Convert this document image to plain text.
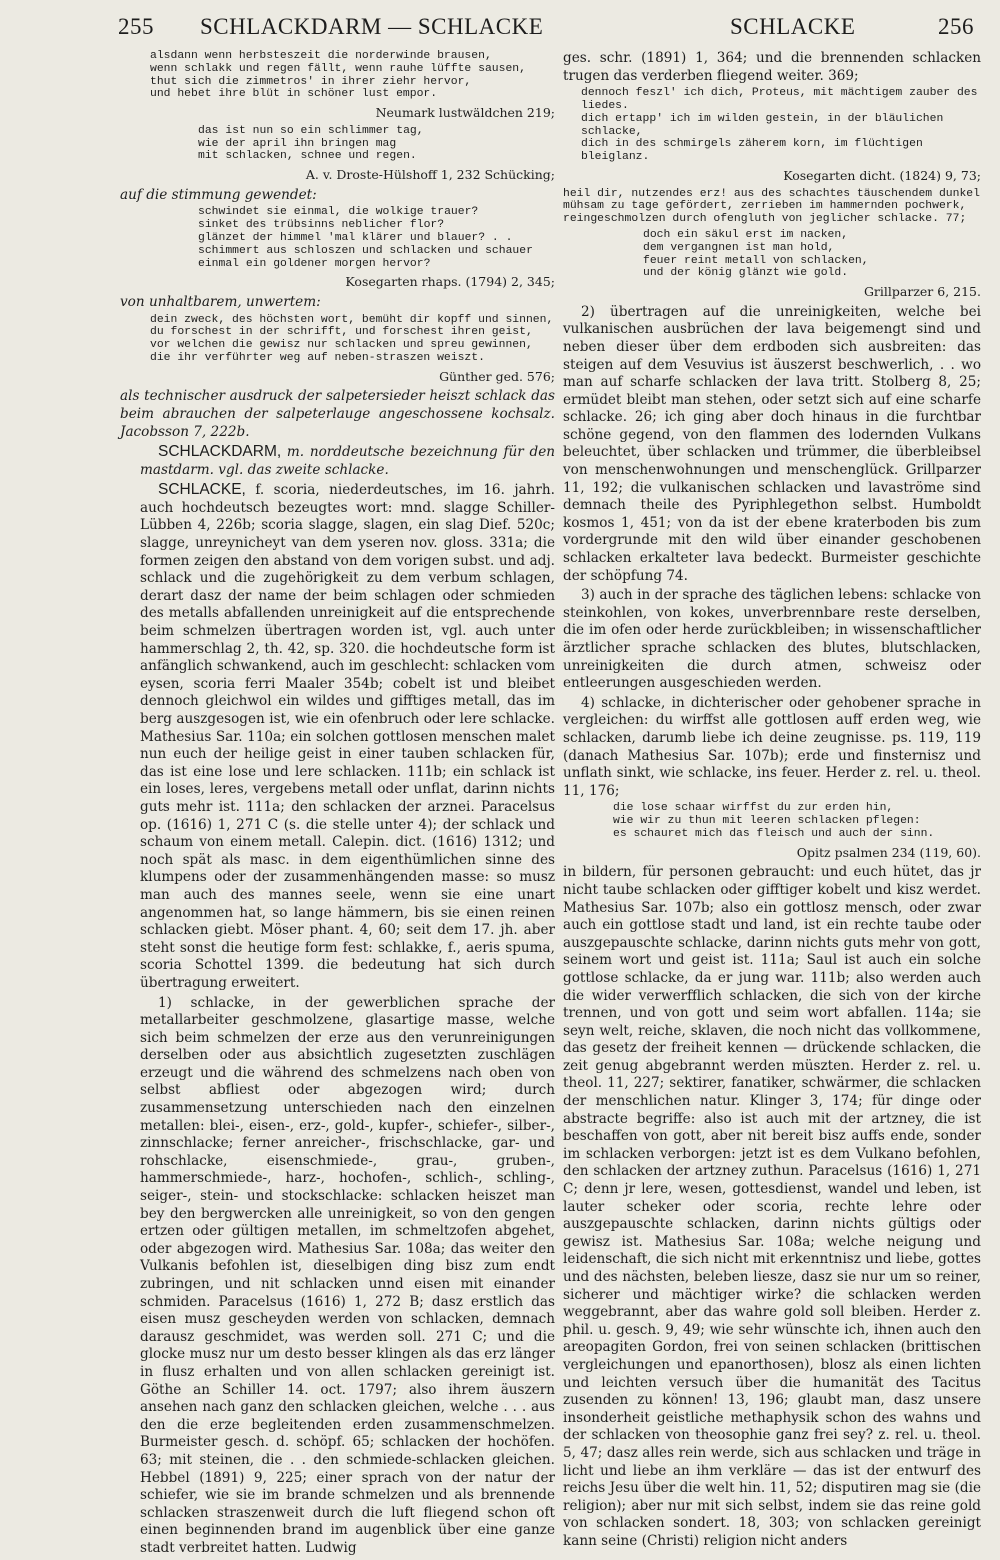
255 SCHLACKDARM — SCHLACKE	SCHLACKE	256
alsdann wenn herbsteszeit die norderwinde brausen,
wenn schlakk und regen fällt, wenn rauhe lüffte sausen,
thut sich die zimmetros' in ihrer ziehr hervor,
und hebet ihre blüt in schöner lust empor.
Neumark lustwäldchen 219;
das ist nun so ein schlimmer tag,
wie der april ihn bringen mag
mit schlacken, schnee und regen.
A. v. Droste-Hülshoff 1, 232 Schücking;

auf die stimmung gewendet:

schwindet sie einmal, die wolkige trauer?
sinket des trübsinns neblicher flor?
glänzet der himmel 'mal klärer und blauer? . .
schimmert aus schloszen und schlacken und schauer
einmal ein goldener morgen hervor?
Kosegarten rhaps. (1794) 2, 345;

von unhaltbarem, unwertem:

dein zweck, des höchsten wort, bemüht dir kopff und sinnen,
du forschest in der schrifft, und forschest ihren geist,
vor welchen die gewisz nur schlacken und spreu gewinnen,
die ihr verführter weg auf neben-straszen weiszt.
Günther ged. 576;

als technischer ausdruck der salpetersieder heiszt schlack das beim abrauchen der salpeterlauge angeschossene kochsalz. Jacobsson 7, 222b.

SCHLACKDARM, m. norddeutsche bezeichnung für den mastdarm. vgl. das zweite schlacke.

SCHLACKE, f. scoria, niederdeutsches, im 16. jahrh. auch hochdeutsch bezeugtes wort: mnd. slagge Schiller-Lübben 4, 226b; scoria slagge, slagen, ein slag Dief. 520c; slagge, unreynicheyt van dem yseren nov. gloss. 331a; die formen zeigen den abstand von dem vorigen subst. und adj. schlack und die zugehörigkeit zu dem verbum schlagen, derart dasz der name der beim schlagen oder schmieden des metalls abfallenden unreinigkeit auf die entsprechende beim schmelzen übertragen worden ist, vgl. auch unter hammerschlag 2, th. 42, sp. 320. die hochdeutsche form ist anfänglich schwankend, auch im geschlecht: schlacken vom eysen, scoria ferri Maaler 354b; cobelt ist und bleibet dennoch gleichwol ein wildes und gifftiges metall, das im berg auszgesogen ist, wie ein ofenbruch oder lere schlacke. Mathesius Sar. 110a; ein solchen gottlosen menschen malet nun euch der heilige geist in einer tauben schlacken für, das ist eine lose und lere schlacken. 111b; ein schlack ist ein loses, leres, vergebens metall oder unflat, darinn nichts guts mehr ist. 111a; den schlacken der arznei. Paracelsus op. (1616) 1, 271 C (s. die stelle unter 4); der schlack und schaum von einem metall. Calepin. dict. (1616) 1312; und noch spät als masc. in dem eigenthümlichen sinne des klumpens oder der zusammenhängenden masse: so musz man auch des mannes seele, wenn sie eine unart angenommen hat, so lange hämmern, bis sie einen reinen schlacken giebt. Möser phant. 4, 60; seit dem 17. jh. aber steht sonst die heutige form fest: schlakke, f., aeris spuma, scoria Schottel 1399. die bedeutung hat sich durch übertragung erweitert.

1) schlacke, in der gewerblichen sprache der metallarbeiter geschmolzene, glasartige masse, welche sich beim schmelzen der erze aus den verunreinigungen derselben oder aus absichtlich zugesetzten zuschlägen erzeugt und die während des schmelzens nach oben von selbst abfliest oder abgezogen wird; durch zusammensetzung unterschieden nach den einzelnen metallen: blei-, eisen-, erz-, gold-, kupfer-, schiefer-, silber-, zinnschlacke; ferner anreicher-, frischschlacke, gar- und rohschlacke, eisenschmiede-, grau-, gruben-, hammerschmiede-, harz-, hochofen-, schlich-, schling-, seiger-, stein- und stockschlacke: schlacken heiszet man bey den bergwercken alle unreinigkeit, so von den gengen ertzen oder gültigen metallen, im schmeltzofen abgehet, oder abgezogen wird. Mathesius Sar. 108a; das weiter den Vulkanis befohlen ist, dieselbigen ding bisz zum endt zubringen, und nit schlacken unnd eisen mit einander schmiden. Paracelsus (1616) 1, 272 B; dasz erstlich das eisen musz gescheyden werden von schlacken, demnach darausz geschmidet, was werden soll. 271 C; und die glocke musz nur um desto besser klingen als das erz länger in flusz erhalten und von allen schlacken gereinigt ist. Göthe an Schiller 14. oct. 1797; also ihrem äuszern ansehen nach ganz den schlacken gleichen, welche . . . aus den die erze begleitenden erden zusammenschmelzen. Burmeister gesch. d. schöpf. 65; schlacken der hochöfen. 63; mit steinen, die . . den schmiede-schlacken gleichen. Hebbel (1891) 9, 225; einer sprach von der natur der schiefer, wie sie im brande schmelzen und als brennende schlacken straszenweit durch die luft fliegend schon oft einen beginnenden brand im augenblick über eine ganze stadt verbreitet hatten. Ludwig

ges. schr. (1891) 1, 364; und die brennenden schlacken trugen das verderben fliegend weiter. 369;

dennoch feszl' ich dich, Proteus, mit mächtigem zauber des liedes.
dich ertapp' ich im wilden gestein, in der bläulichen schlacke,
dich in des schmirgels zäherem korn, im flüchtigen bleiglanz.
Kosegarten dicht. (1824) 9, 73;
heil dir, nutzendes erz! aus des schachtes täuschendem dunkel
mühsam zu tage gefördert, zerrieben im hammernden pochwerk,
reingeschmolzen durch ofengluth von jeglicher schlacke. 77;
doch ein säkul erst im nacken,
dem vergangnen ist man hold,
feuer reint metall von schlacken,
und der könig glänzt wie gold.
Grillparzer 6, 215.

2) übertragen auf die unreinigkeiten, welche bei vulkanischen ausbrüchen der lava beigemengt sind und neben dieser über dem erdboden sich ausbreiten: das steigen auf dem Vesuvius ist äuszerst beschwerlich, . . wo man auf scharfe schlacken der lava tritt. Stolberg 8, 25; ermüdet bleibt man stehen, oder setzt sich auf eine scharfe schlacke. 26; ich ging aber doch hinaus in die furchtbar schöne gegend, von den flammen des lodernden Vulkans beleuchtet, über schlacken und trümmer, die überbleibsel von menschenwohnungen und menschenglück. Grillparzer 11, 192; die vulkanischen schlacken und lavaströme sind demnach theile des Pyriphlegethon selbst. Humboldt kosmos 1, 451; von da ist der ebene kraterboden bis zum vordergrunde mit den wild über einander geschobenen schlacken erkalteter lava bedeckt. Burmeister geschichte der schöpfung 74.

3) auch in der sprache des täglichen lebens: schlacke von steinkohlen, von kokes, unverbrennbare reste derselben, die im ofen oder herde zurückbleiben; in wissenschaftlicher ärztlicher sprache schlacken des blutes, blutschlacken, unreinigkeiten die durch atmen, schweisz oder entleerungen ausgeschieden werden.

4) schlacke, in dichterischer oder gehobener sprache in vergleichen: du wirffst alle gottlosen auff erden weg, wie schlacken, darumb liebe ich deine zeugnisse. ps. 119, 119 (danach Mathesius Sar. 107b); erde und finsternisz und unflath sinkt, wie schlacke, ins feuer. Herder z. rel. u. theol. 11, 176;

die lose schaar wirffst du zur erden hin,
wie wir zu thun mit leeren schlacken pflegen:
es schauret mich das fleisch und auch der sinn.
Opitz psalmen 234 (119, 60).

in bildern, für personen gebraucht: und euch hütet, das jr nicht taube schlacken oder gifftiger kobelt und kisz werdet. Mathesius Sar. 107b; also ein gottlosz mensch, oder zwar auch ein gottlose stadt und land, ist ein rechte taube oder auszgepauschte schlacke, darinn nichts guts mehr von gott, seinem wort und geist ist. 111a; Saul ist auch ein solche gottlose schlacke, da er jung war. 111b; also werden auch die wider verwerfflich schlacken, die sich von der kirche trennen, und von gott und seim wort abfallen. 114a; sie seyn welt, reiche, sklaven, die noch nicht das vollkommene, das gesetz der freiheit kennen — drückende schlacken, die zeit genug abgebrannt werden müszten. Herder z. rel. u. theol. 11, 227; sektirer, fanatiker, schwärmer, die schlacken der menschlichen natur. Klinger 3, 174; für dinge oder abstracte begriffe: also ist auch mit der artzney, die ist beschaffen von gott, aber nit bereit bisz auffs ende, sonder im schlacken verborgen: jetzt ist es dem Vulkano befohlen, den schlacken der artzney zuthun. Paracelsus (1616) 1, 271 C; denn jr lere, wesen, gottesdienst, wandel und leben, ist lauter scheker oder scoria, rechte lehre oder auszgepauschte schlacken, darinn nichts gültigs oder gewisz ist. Mathesius Sar. 108a; welche neigung und leidenschaft, die sich nicht mit erkenntnisz und liebe, gottes und des nächsten, beleben liesze, dasz sie nur um so reiner, sicherer und mächtiger wirke? die schlacken werden weggebrannt, aber das wahre gold soll bleiben. Herder z. phil. u. gesch. 9, 49; wie sehr wünschte ich, ihnen auch den areopagiten Gordon, frei von seinen schlacken (brittischen vergleichungen und epanorthosen), blosz als einen lichten und leichten versuch über die humanität des Tacitus zusenden zu können! 13, 196; glaubt man, dasz unsere insonderheit geistliche methaphysik schon des wahns und der schlacken von theosophie ganz frei sey? z. rel. u. theol. 5, 47; dasz alles rein werde, sich aus schlacken und träge in licht und liebe an ihm verkläre — das ist der entwurf des reichs Jesu über die welt hin. 11, 52; disputiren mag sie (die religion); aber nur mit sich selbst, indem sie das reine gold von schlacken sondert. 18, 303; von schlacken gereinigt kann seine (Christi) religion nicht anders
